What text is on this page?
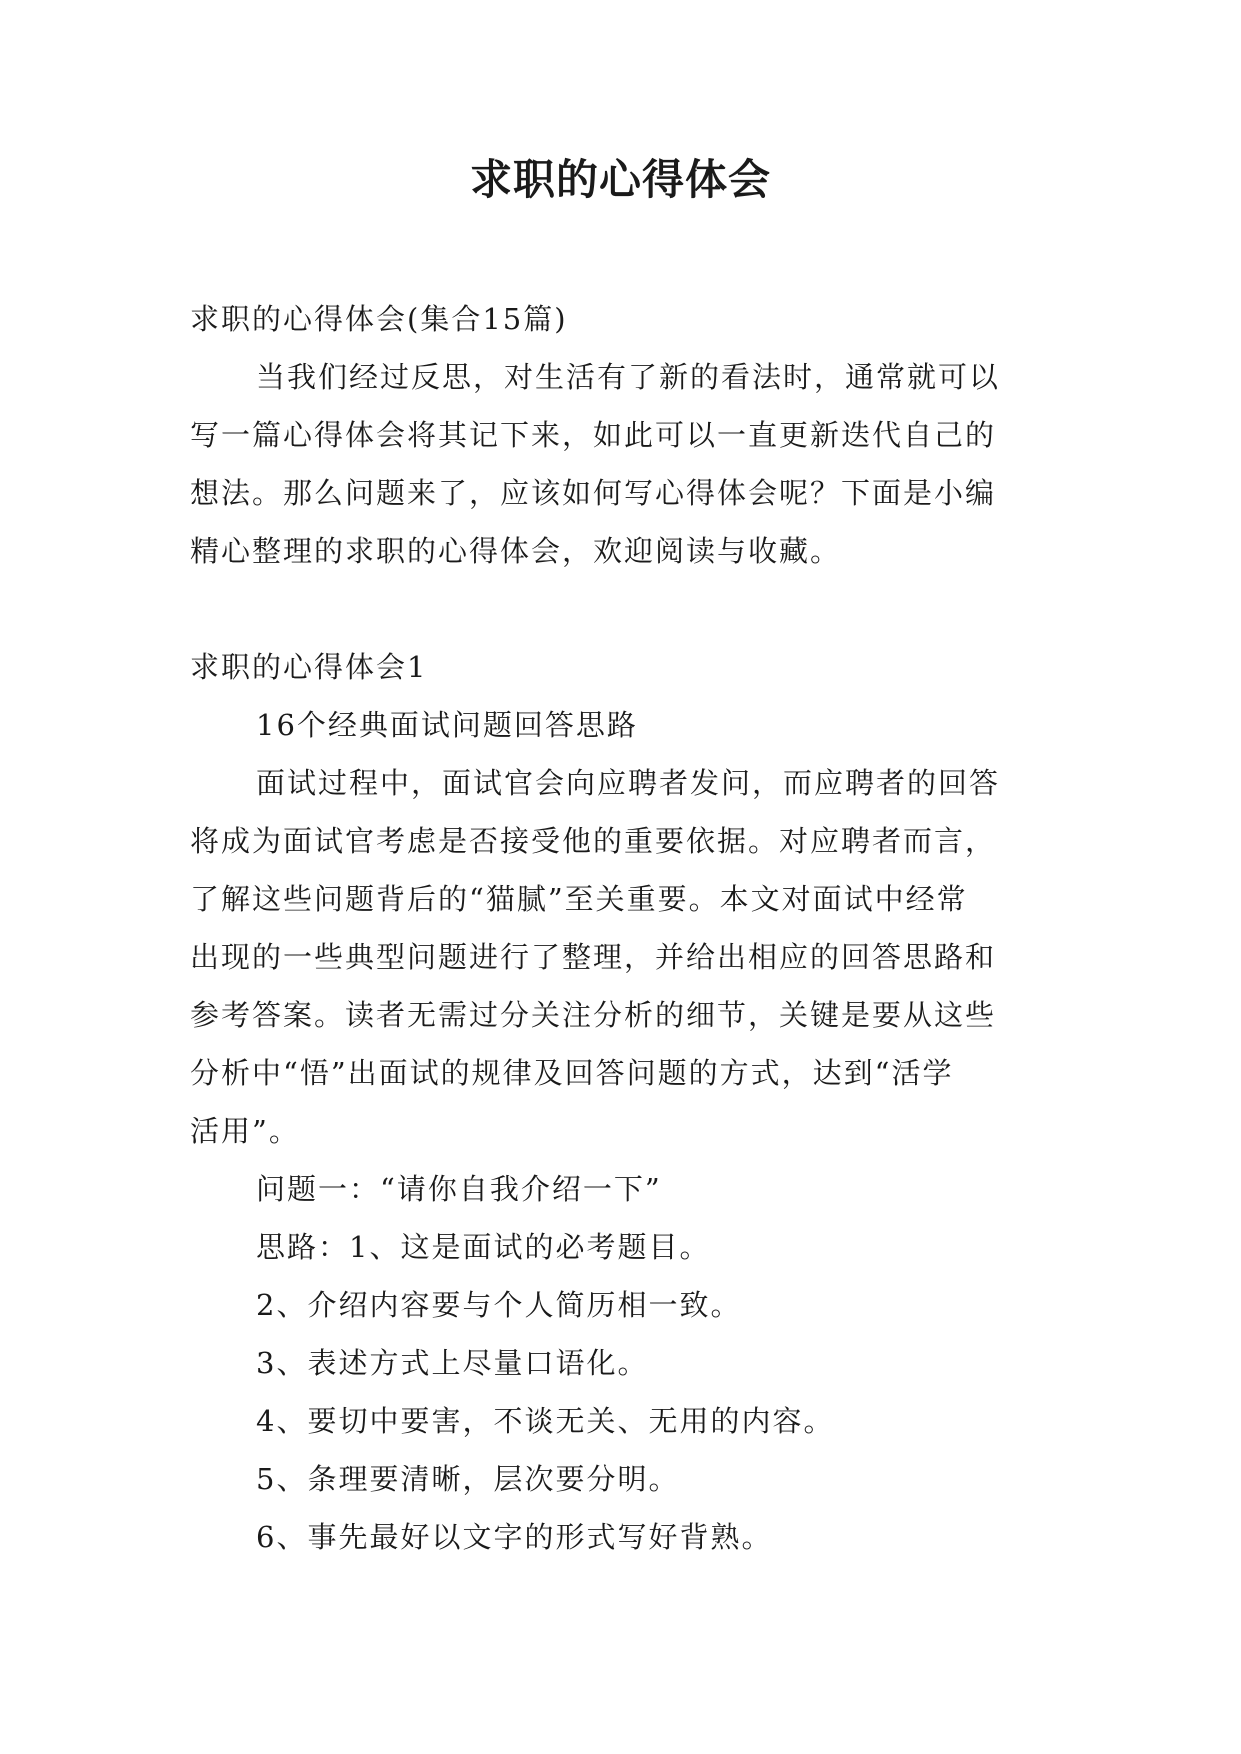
求职的心得体会
求职的心得体会(集合15篇)
当我们经过反思，对生活有了新的看法时，通常就可以
写一篇心得体会将其记下来，如此可以一直更新迭代自己的
想法。那么问题来了，应该如何写心得体会呢？下面是小编
精心整理的求职的心得体会，欢迎阅读与收藏。
求职的心得体会1
16个经典面试问题回答思路
面试过程中，面试官会向应聘者发问，而应聘者的回答
将成为面试官考虑是否接受他的重要依据。对应聘者而言，
了解这些问题背后的“猫腻”至关重要。本文对面试中经常
出现的一些典型问题进行了整理，并给出相应的回答思路和
参考答案。读者无需过分关注分析的细节，关键是要从这些
分析中“悟”出面试的规律及回答问题的方式，达到“活学
活用”。
问题一：“请你自我介绍一下”
思路：1、这是面试的必考题目。
2、介绍内容要与个人简历相一致。
3、表述方式上尽量口语化。
4、要切中要害，不谈无关、无用的内容。
5、条理要清晰，层次要分明。
6、事先最好以文字的形式写好背熟。
